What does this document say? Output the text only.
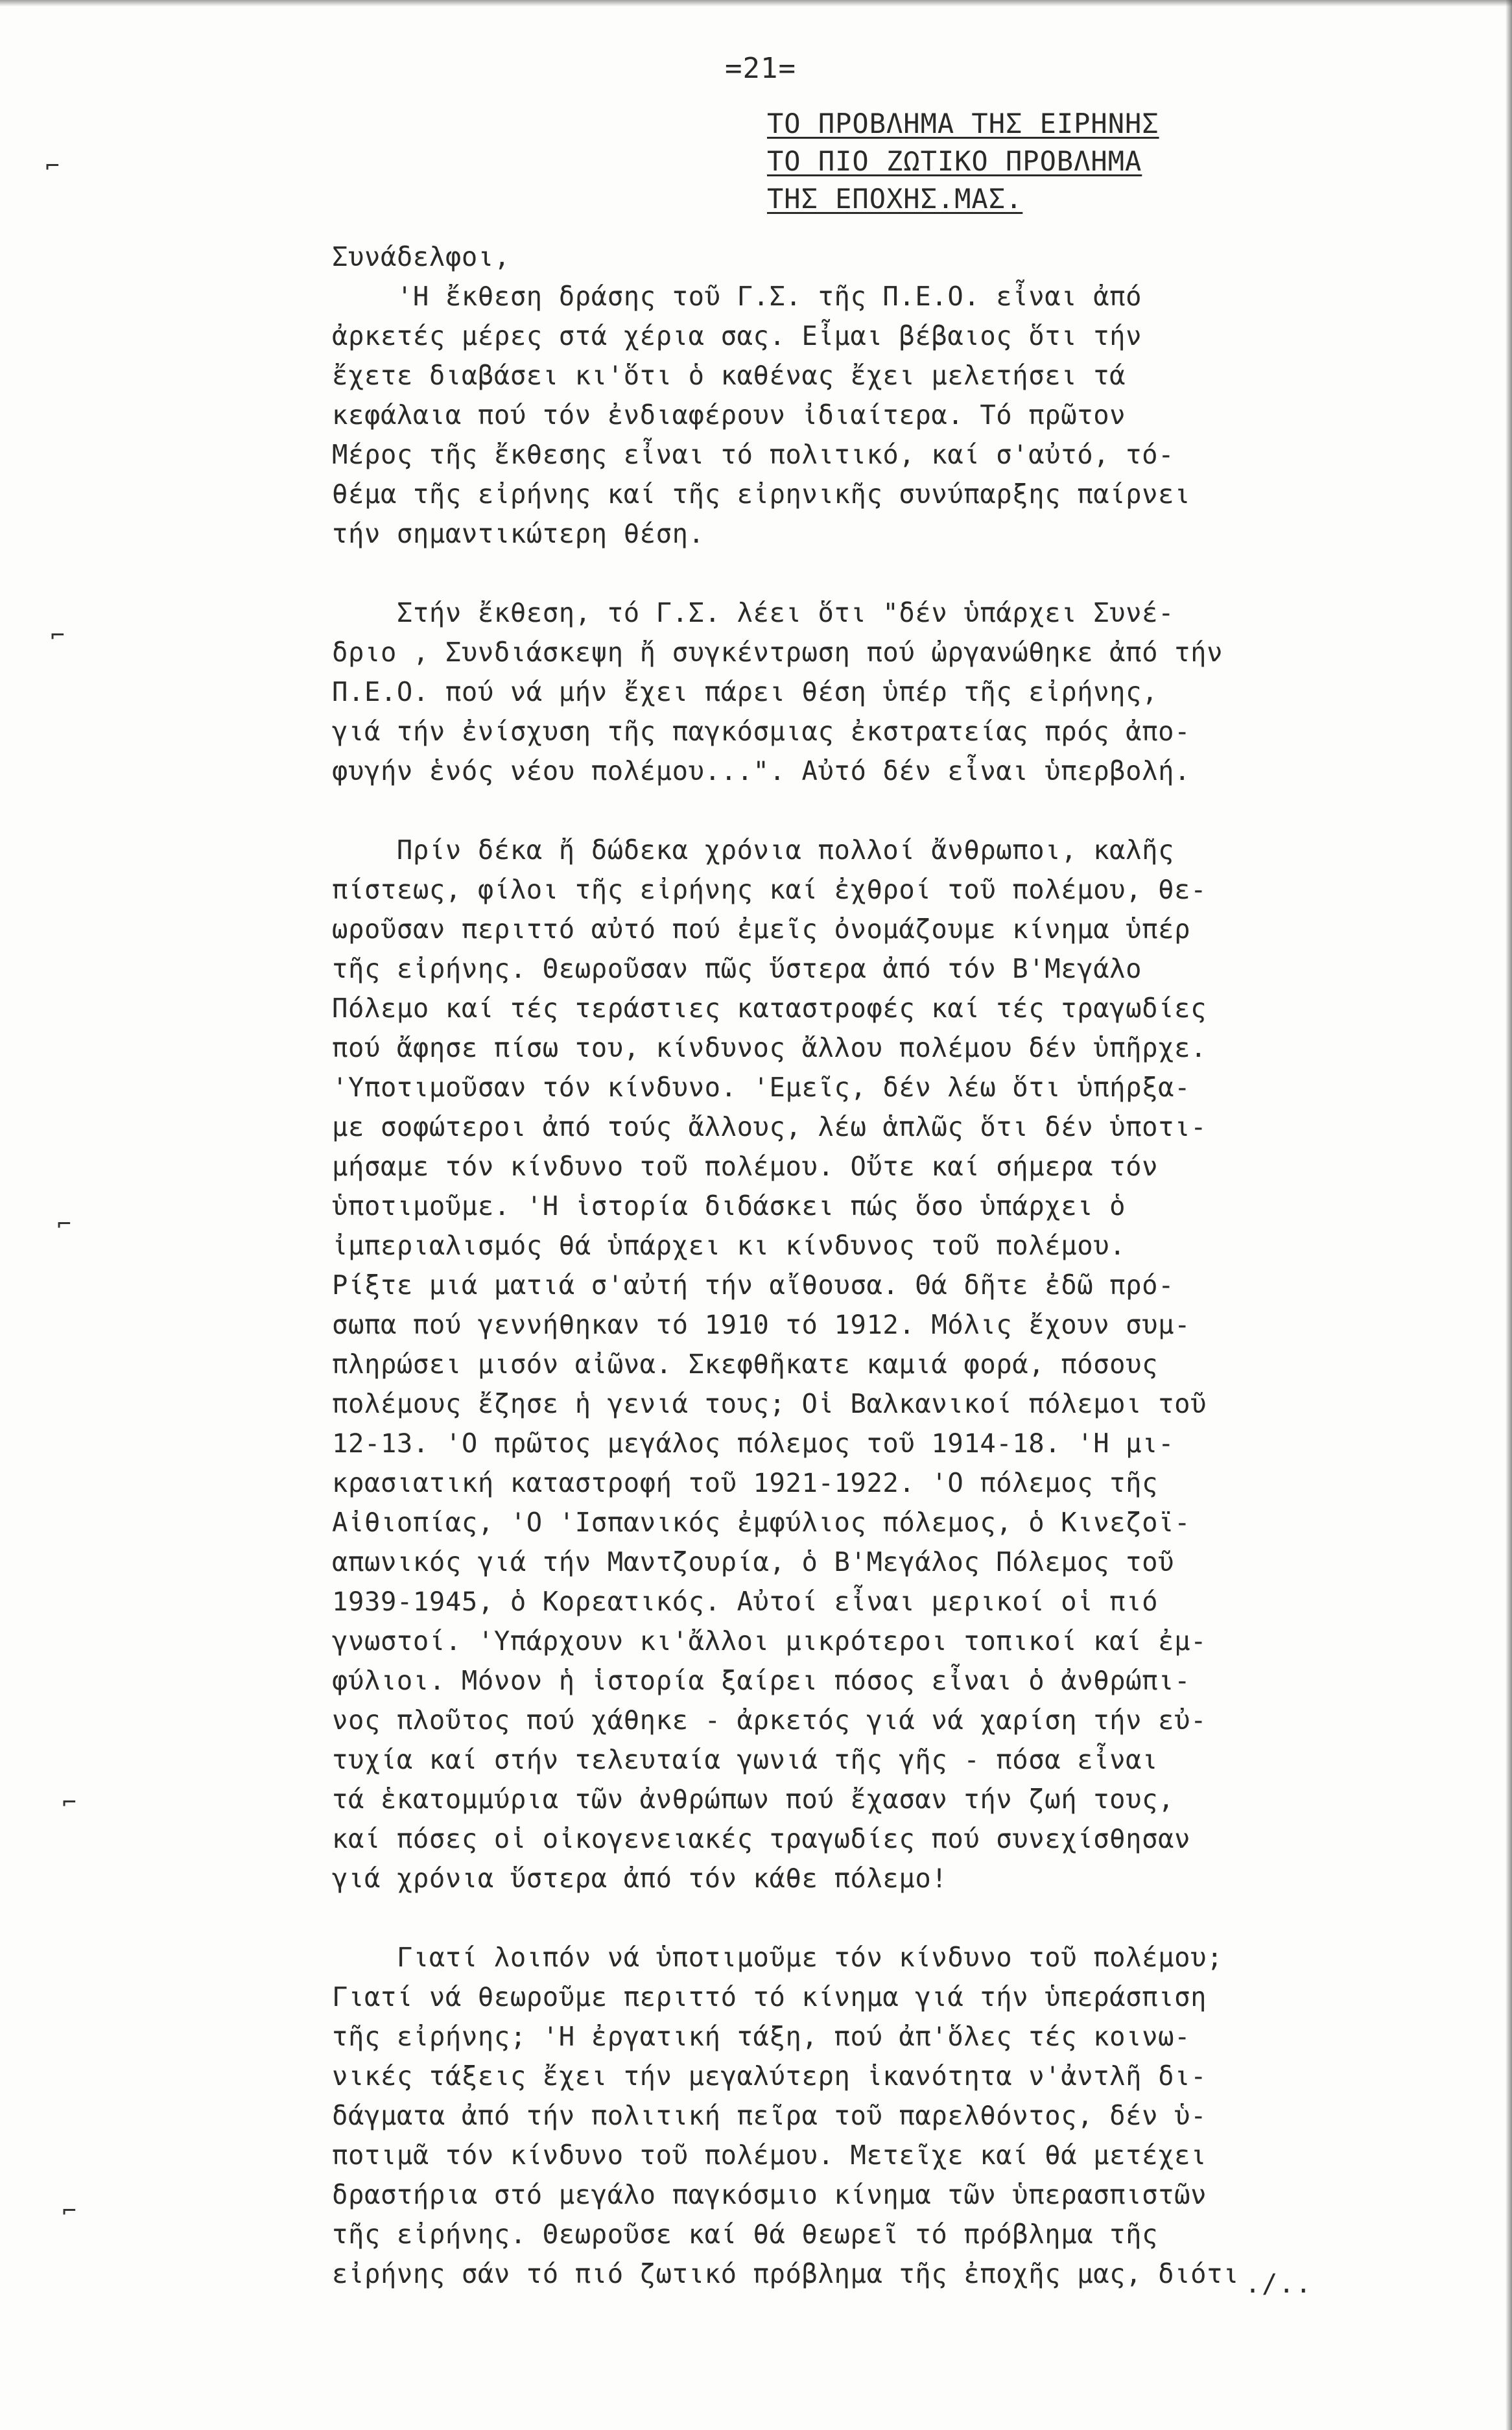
⌐
⌐
⌐
⌐
⌐
=21=
ΤΟ ΠΡΟΒΛΗΜΑ ΤΗΣ ΕΙΡΗΝΗΣ
ΤΟ ΠΙΟ ΖΩΤΙΚΟ ΠΡΟΒΛΗΜΑ
ΤΗΣ ΕΠΟΧΗΣ.ΜΑΣ.

Συνάδελφοι,

'Η ἔκθεση δράσης τοῦ Γ.Σ. τῆς Π.Ε.Ο. εἶναι ἀπό
ἀρκετές μέρες στά χέρια σας. Εἶμαι βέβαιος ὅτι τήν
ἔχετε διαβάσει κι'ὅτι ὁ καθένας ἔχει μελετήσει τά
κεφάλαια πού τόν ἐνδιαφέρουν ἰδιαίτερα. Τό πρῶτον
Μέρος τῆς ἔκθεσης εἶναι τό πολιτικό, καί σ'αὐτό, τό-
θέμα τῆς εἰρήνης καί τῆς εἰρηνικῆς συνύπαρξης παίρνει
τήν σημαντικώτερη θέση.

Στήν ἔκθεση, τό Γ.Σ. λέει ὅτι "δέν ὑπάρχει Συνέ-
δριο , Συνδιάσκεψη ἤ συγκέντρωση πού ὠργανώθηκε ἀπό τήν
Π.Ε.Ο. πού νά μήν ἔχει πάρει θέση ὑπέρ τῆς εἰρήνης,
γιά τήν ἐνίσχυση τῆς παγκόσμιας ἐκστρατείας πρός ἀπο-
φυγήν ἑνός νέου πολέμου...". Αὐτό δέν εἶναι ὑπερβολή.

Πρίν δέκα ἤ δώδεκα χρόνια πολλοί ἄνθρωποι, καλῆς
πίστεως, φίλοι τῆς εἰρήνης καί ἐχθροί τοῦ πολέμου, θε-
ωροῦσαν περιττό αὐτό πού ἐμεῖς ὀνομάζουμε κίνημα ὑπέρ
τῆς εἰρήνης. Θεωροῦσαν πῶς ὕστερα ἀπό τόν Β'Μεγάλο
Πόλεμο καί τές τεράστιες καταστροφές καί τές τραγωδίες
πού ἄφησε πίσω του, κίνδυνος ἄλλου πολέμου δέν ὑπῆρχε.
'Υποτιμοῦσαν τόν κίνδυνο. 'Εμεῖς, δέν λέω ὅτι ὑπήρξα-
με σοφώτεροι ἀπό τούς ἄλλους, λέω ἁπλῶς ὅτι δέν ὑποτι-
μήσαμε τόν κίνδυνο τοῦ πολέμου. Οὔτε καί σήμερα τόν
ὑποτιμοῦμε. 'Η ἱστορία διδάσκει πώς ὅσο ὑπάρχει ὁ
ἰμπεριαλισμός θά ὑπάρχει κι κίνδυνος τοῦ πολέμου.
Ρίξτε μιά ματιά σ'αὐτή τήν αἴθουσα. Θά δῆτε ἐδῶ πρό-
σωπα πού γεννήθηκαν τό 1910 τό 1912. Μόλις ἔχουν συμ-
πληρώσει μισόν αἰῶνα. Σκεφθῆκατε καμιά φορά, πόσους
πολέμους ἔζησε ἡ γενιά τους; Οἱ Βαλκανικοί πόλεμοι τοῦ
12-13. 'Ο πρῶτος μεγάλος πόλεμος τοῦ 1914-18. 'Η μι-
κρασιατική καταστροφή τοῦ 1921-1922. 'Ο πόλεμος τῆς
Αἰθιοπίας, 'Ο 'Ισπανικός ἐμφύλιος πόλεμος, ὁ Κινεζοϊ-
απωνικός γιά τήν Μαντζουρία, ὁ Β'Μεγάλος Πόλεμος τοῦ
1939-1945, ὁ Κορεατικός. Αὐτοί εἶναι μερικοί οἱ πιό
γνωστοί. 'Υπάρχουν κι'ἄλλοι μικρότεροι τοπικοί καί ἐμ-
φύλιοι. Μόνον ἡ ἱστορία ξαίρει πόσος εἶναι ὁ ἀνθρώπι-
νος πλοῦτος πού χάθηκε - ἀρκετός γιά νά χαρίση τήν εὐ-
τυχία καί στήν τελευταία γωνιά τῆς γῆς - πόσα εἶναι
τά ἑκατομμύρια τῶν ἀνθρώπων πού ἔχασαν τήν ζωή τους,
καί πόσες οἱ οἰκογενειακές τραγωδίες πού συνεχίσθησαν
γιά χρόνια ὕστερα ἀπό τόν κάθε πόλεμο!

Γιατί λοιπόν νά ὑποτιμοῦμε τόν κίνδυνο τοῦ πολέμου;
Γιατί νά θεωροῦμε περιττό τό κίνημα γιά τήν ὑπεράσπιση
τῆς εἰρήνης; 'Η ἐργατική τάξη, πού ἀπ'ὅλες τές κοινω-
νικές τάξεις ἔχει τήν μεγαλύτερη ἱκανότητα ν'ἀντλῆ δι-
δάγματα ἀπό τήν πολιτική πεῖρα τοῦ παρελθόντος, δέν ὑ-
ποτιμᾶ τόν κίνδυνο τοῦ πολέμου. Μετεῖχε καί θά μετέχει
δραστήρια στό μεγάλο παγκόσμιο κίνημα τῶν ὑπερασπιστῶν
τῆς εἰρήνης. Θεωροῦσε καί θά θεωρεῖ τό πρόβλημα τῆς
εἰρήνης σάν τό πιό ζωτικό πρόβλημα τῆς ἐποχῆς μας, διότι ./..
